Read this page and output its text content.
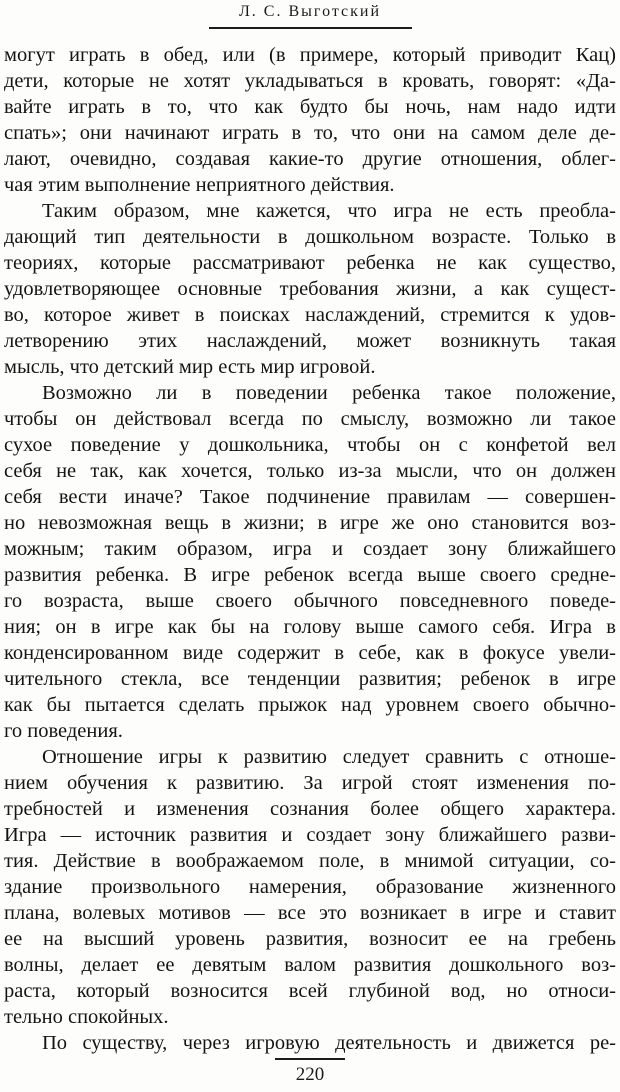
Л. С. Выготский
могут играть в обед, или (в примере, который приводит Кац)
дети, которые не хотят укладываться в кровать, говорят: «Да-
вайте играть в то, что как будто бы ночь, нам надо идти
спать»; они начинают играть в то, что они на самом деле де-
лают, очевидно, создавая какие-то другие отношения, облег-
чая этим выполнение неприятного действия.
Таким образом, мне кажется, что игра не есть преобла-
дающий тип деятельности в дошкольном возрасте. Только в
теориях, которые рассматривают ребенка не как существо,
удовлетворяющее основные требования жизни, а как сущест-
во, которое живет в поисках наслаждений, стремится к удов-
летворению этих наслаждений, может возникнуть такая
мысль, что детский мир есть мир игровой.
Возможно ли в поведении ребенка такое положение,
чтобы он действовал всегда по смыслу, возможно ли такое
сухое поведение у дошкольника, чтобы он с конфетой вел
себя не так, как хочется, только из-за мысли, что он должен
себя вести иначе? Такое подчинение правилам — совершен-
но невозможная вещь в жизни; в игре же оно становится воз-
можным; таким образом, игра и создает зону ближайшего
развития ребенка. В игре ребенок всегда выше своего средне-
го возраста, выше своего обычного повседневного поведе-
ния; он в игре как бы на голову выше самого себя. Игра в
конденсированном виде содержит в себе, как в фокусе увели-
чительного стекла, все тенденции развития; ребенок в игре
как бы пытается сделать прыжок над уровнем своего обычно-
го поведения.
Отношение игры к развитию следует сравнить с отноше-
нием обучения к развитию. За игрой стоят изменения по-
требностей и изменения сознания более общего характера.
Игра — источник развития и создает зону ближайшего разви-
тия. Действие в воображаемом поле, в мнимой ситуации, со-
здание произвольного намерения, образование жизненного
плана, волевых мотивов — все это возникает в игре и ставит
ее на высший уровень развития, возносит ее на гребень
волны, делает ее девятым валом развития дошкольного воз-
раста, который возносится всей глубиной вод, но относи-
тельно спокойных.
По существу, через игровую деятельность и движется ре-
220
